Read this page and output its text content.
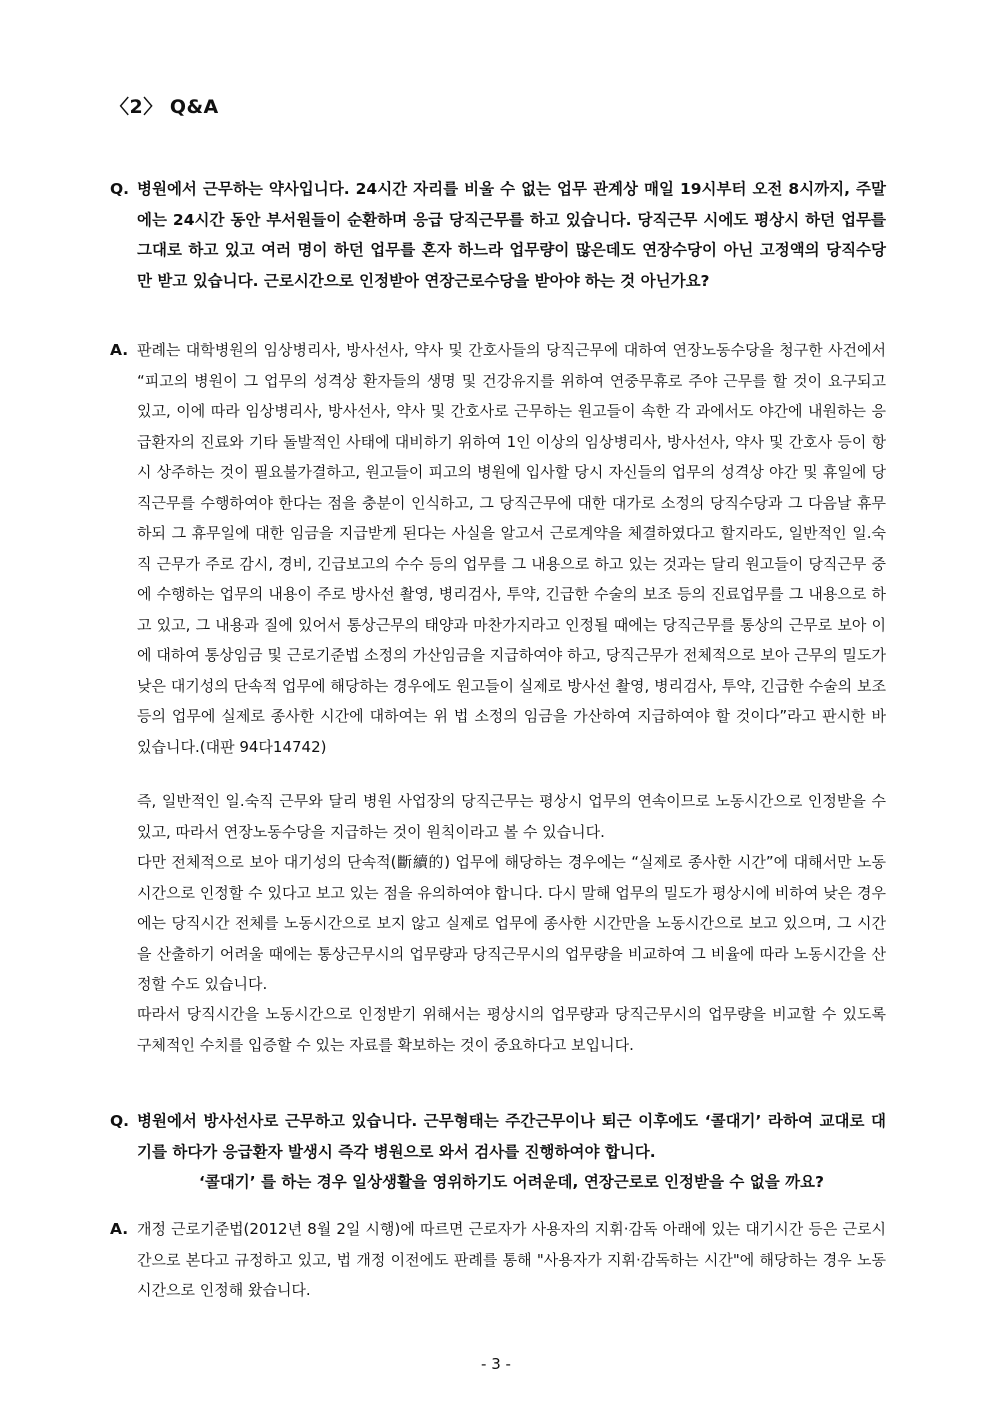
〈2〉 Q&A
Q. 병원에서 근무하는 약사입니다. 24시간 자리를 비울 수 없는 업무 관계상 매일 19시부터 오전 8시까지, 주말에는 24시간 동안 부서원들이 순환하며 응급 당직근무를 하고 있습니다. 당직근무 시에도 평상시 하던 업무를 그대로 하고 있고 여러 명이 하던 업무를 혼자 하느라 업무량이 많은데도 연장수당이 아닌 고정액의 당직수당만 받고 있습니다. 근로시간으로 인정받아 연장근로수당을 받아야 하는 것 아닌가요?
A. 판례는 대학병원의 임상병리사, 방사선사, 약사 및 간호사들의 당직근무에 대하여 연장노동수당을 청구한 사건에서 “피고의 병원이 그 업무의 성격상 환자들의 생명 및 건강유지를 위하여 연중무휴로 주야 근무를 할 것이 요구되고 있고, 이에 따라 임상병리사, 방사선사, 약사 및 간호사로 근무하는 원고들이 속한 각 과에서도 야간에 내원하는 응급환자의 진료와 기타 돌발적인 사태에 대비하기 위하여 1인 이상의 임상병리사, 방사선사, 약사 및 간호사 등이 항시 상주하는 것이 필요불가결하고, 원고들이 피고의 병원에 입사할 당시 자신들의 업무의 성격상 야간 및 휴일에 당직근무를 수행하여야 한다는 점을 충분이 인식하고, 그 당직근무에 대한 대가로 소정의 당직수당과 그 다음날 휴무하되 그 휴무일에 대한 임금을 지급받게 된다는 사실을 알고서 근로계약을 체결하였다고 할지라도, 일반적인 일.숙직 근무가 주로 감시, 경비, 긴급보고의 수수 등의 업무를 그 내용으로 하고 있는 것과는 달리 원고들이 당직근무 중에 수행하는 업무의 내용이 주로 방사선 촬영, 병리검사, 투약, 긴급한 수술의 보조 등의 진료업무를 그 내용으로 하고 있고, 그 내용과 질에 있어서 통상근무의 태양과 마찬가지라고 인정될 때에는 당직근무를 통상의 근무로 보아 이에 대하여 통상임금 및 근로기준법 소정의 가산임금을 지급하여야 하고, 당직근무가 전체적으로 보아 근무의 밀도가 낮은 대기성의 단속적 업무에 해당하는 경우에도 원고들이 실제로 방사선 촬영, 병리검사, 투약, 긴급한 수술의 보조 등의 업무에 실제로 종사한 시간에 대하여는 위 법 소정의 임금을 가산하여 지급하여야 할 것이다”라고 판시한 바 있습니다.(대판 94다14742)
즉, 일반적인 일.숙직 근무와 달리 병원 사업장의 당직근무는 평상시 업무의 연속이므로 노동시간으로 인정받을 수 있고, 따라서 연장노동수당을 지급하는 것이 원칙이라고 볼 수 있습니다.
다만 전체적으로 보아 대기성의 단속적(斷續的) 업무에 해당하는 경우에는 “실제로 종사한 시간”에 대해서만 노동시간으로 인정할 수 있다고 보고 있는 점을 유의하여야 합니다. 다시 말해 업무의 밀도가 평상시에 비하여 낮은 경우에는 당직시간 전체를 노동시간으로 보지 않고 실제로 업무에 종사한 시간만을 노동시간으로 보고 있으며, 그 시간을 산출하기 어려울 때에는 통상근무시의 업무량과 당직근무시의 업무량을 비교하여 그 비율에 따라 노동시간을 산정할 수도 있습니다.
따라서 당직시간을 노동시간으로 인정받기 위해서는 평상시의 업무량과 당직근무시의 업무량을 비교할 수 있도록 구체적인 수치를 입증할 수 있는 자료를 확보하는 것이 중요하다고 보입니다.
Q. 병원에서 방사선사로 근무하고 있습니다. 근무형태는 주간근무이나 퇴근 이후에도 ‘콜대기’ 라하여 교대로 대기를 하다가 응급환자 발생시 즉각 병원으로 와서 검사를 진행하여야 합니다.
‘콜대기’ 를 하는 경우 일상생활을 영위하기도 어려운데, 연장근로로 인정받을 수 없을 까요?
A. 개정 근로기준법(2012년 8월 2일 시행)에 따르면 근로자가 사용자의 지휘·감독 아래에 있는 대기시간 등은 근로시간으로 본다고 규정하고 있고, 법 개정 이전에도 판례를 통해 "사용자가 지휘·감독하는 시간"에 해당하는 경우 노동시간으로 인정해 왔습니다.
- 3 -
